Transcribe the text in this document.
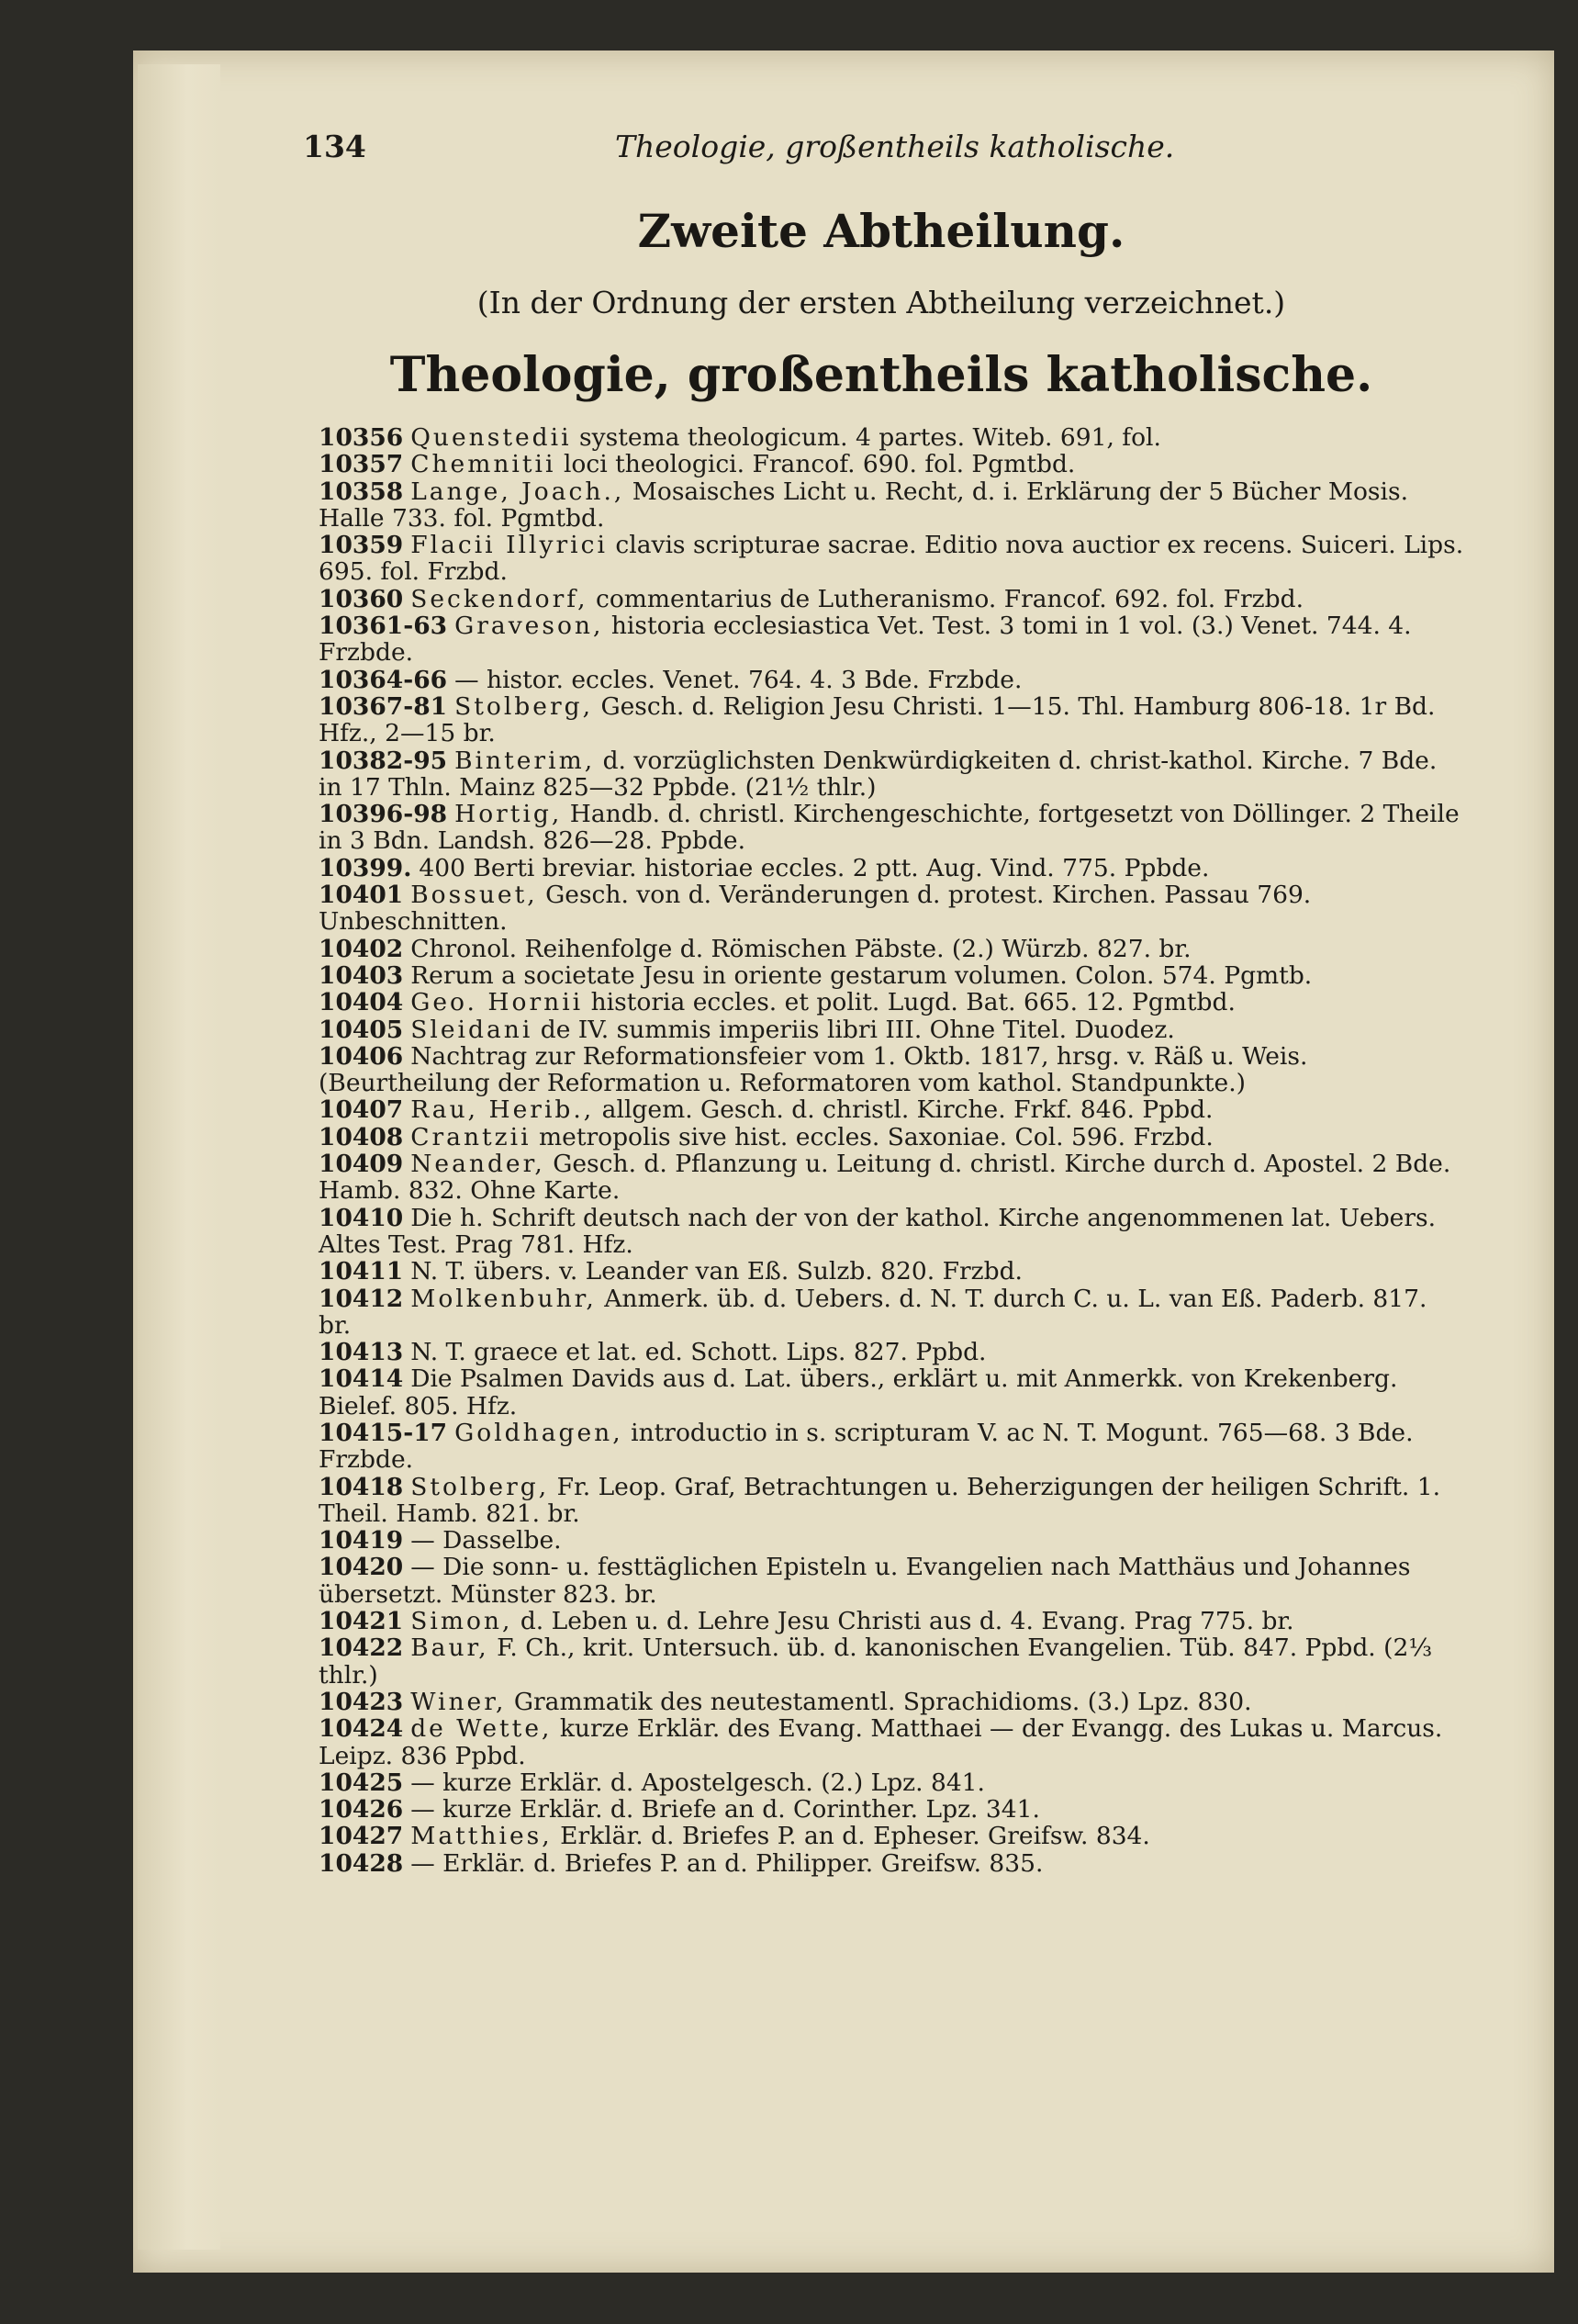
134	Theologie, großentheils katholische.
Zweite Abtheilung.
(In der Ordnung der ersten Abtheilung verzeichnet.)
Theologie, großentheils katholische.

10356 Quenstedii systema theologicum. 4 partes. Witeb. 691, fol.

10357 Chemnitii loci theologici. Francof. 690. fol. Pgmtbd.

10358 Lange, Joach., Mosaisches Licht u. Recht, d. i. Erklärung der 5 Bücher Mosis. Halle 733. fol. Pgmtbd.

10359 Flacii Illyrici clavis scripturae sacrae. Editio nova auctior ex recens. Suiceri. Lips. 695. fol. Frzbd.

10360 Seckendorf, commentarius de Lutheranismo. Francof. 692. fol. Frzbd.

10361-63 Graveson, historia ecclesiastica Vet. Test. 3 tomi in 1 vol. (3.) Venet. 744. 4. Frzbde.

10364-66 — histor. eccles. Venet. 764. 4. 3 Bde. Frzbde.

10367-81 Stolberg, Gesch. d. Religion Jesu Christi. 1—15. Thl. Hamburg 806-18. 1r Bd. Hfz., 2—15 br.

10382-95 Binterim, d. vorzüglichsten Denkwürdigkeiten d. christ-kathol. Kirche. 7 Bde. in 17 Thln. Mainz 825—32 Ppbde. (21½ thlr.)

10396-98 Hortig, Handb. d. christl. Kirchengeschichte, fortgesetzt von Döllinger. 2 Theile in 3 Bdn. Landsh. 826—28. Ppbde.

10399. 400 Berti breviar. historiae eccles. 2 ptt. Aug. Vind. 775. Ppbde.

10401 Bossuet, Gesch. von d. Veränderungen d. protest. Kirchen. Passau 769. Unbeschnitten.

10402 Chronol. Reihenfolge d. Römischen Päbste. (2.) Würzb. 827. br.

10403 Rerum a societate Jesu in oriente gestarum volumen. Colon. 574. Pgmtb.

10404 Geo. Hornii historia eccles. et polit. Lugd. Bat. 665. 12. Pgmtbd.

10405 Sleidani de IV. summis imperiis libri III. Ohne Titel. Duodez.

10406 Nachtrag zur Reformationsfeier vom 1. Oktb. 1817, hrsg. v. Räß u. Weis. (Beurtheilung der Reformation u. Reformatoren vom kathol. Standpunkte.)

10407 Rau, Herib., allgem. Gesch. d. christl. Kirche. Frkf. 846. Ppbd.

10408 Crantzii metropolis sive hist. eccles. Saxoniae. Col. 596. Frzbd.

10409 Neander, Gesch. d. Pflanzung u. Leitung d. christl. Kirche durch d. Apostel. 2 Bde. Hamb. 832. Ohne Karte.

10410 Die h. Schrift deutsch nach der von der kathol. Kirche angenommenen lat. Uebers. Altes Test. Prag 781. Hfz.

10411 N. T. übers. v. Leander van Eß. Sulzb. 820. Frzbd.

10412 Molkenbuhr, Anmerk. üb. d. Uebers. d. N. T. durch C. u. L. van Eß. Paderb. 817. br.

10413 N. T. graece et lat. ed. Schott. Lips. 827. Ppbd.

10414 Die Psalmen Davids aus d. Lat. übers., erklärt u. mit Anmerkk. von Krekenberg. Bielef. 805. Hfz.

10415-17 Goldhagen, introductio in s. scripturam V. ac N. T. Mogunt. 765—68. 3 Bde. Frzbde.

10418 Stolberg, Fr. Leop. Graf, Betrachtungen u. Beherzigungen der heiligen Schrift. 1. Theil. Hamb. 821. br.

10419 — Dasselbe.

10420 — Die sonn- u. festtäglichen Episteln u. Evangelien nach Matthäus und Johannes übersetzt. Münster 823. br.

10421 Simon, d. Leben u. d. Lehre Jesu Christi aus d. 4. Evang. Prag 775. br.

10422 Baur, F. Ch., krit. Untersuch. üb. d. kanonischen Evangelien. Tüb. 847. Ppbd. (2⅓ thlr.)

10423 Winer, Grammatik des neutestamentl. Sprachidioms. (3.) Lpz. 830.

10424 de Wette, kurze Erklär. des Evang. Matthaei — der Evangg. des Lukas u. Marcus. Leipz. 836 Ppbd.

10425 — kurze Erklär. d. Apostelgesch. (2.) Lpz. 841.

10426 — kurze Erklär. d. Briefe an d. Corinther. Lpz. 341.

10427 Matthies, Erklär. d. Briefes P. an d. Epheser. Greifsw. 834.

10428 — Erklär. d. Briefes P. an d. Philipper. Greifsw. 835.
